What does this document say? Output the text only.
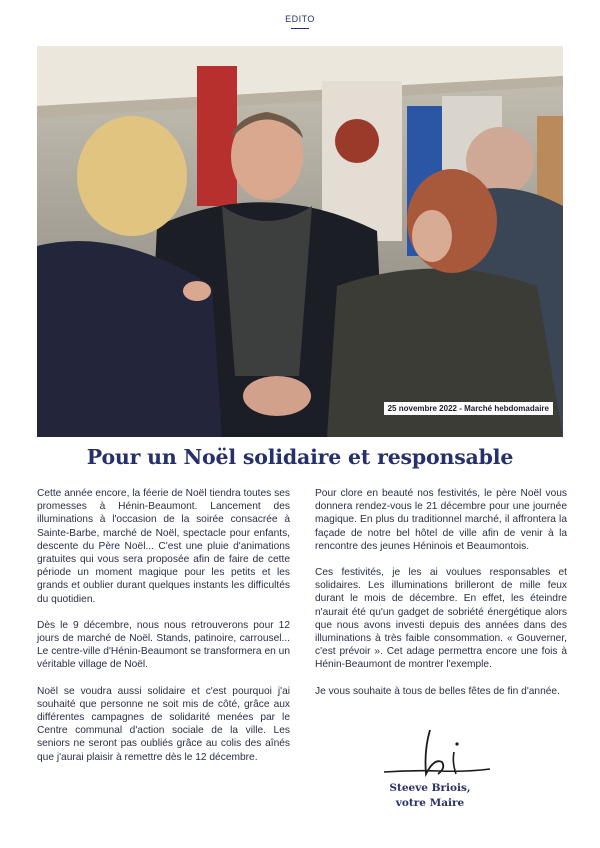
EDITO
25 novembre 2022 - Marché hebdomadaire
Pour un Noël solidaire et responsable

Cette année encore, la féerie de Noël tiendra toutes ses promesses à Hénin-Beaumont. Lancement des illuminations à l'occasion de la soirée consacrée à Sainte-Barbe, marché de Noël, spectacle pour enfants, descente du Père Noël... C'est une pluie d'animations gratuites qui vous sera proposée afin de faire de cette période un moment magique pour les petits et les grands et oublier durant quelques instants les difficultés du quotidien.

Dès le 9 décembre, nous nous retrouverons pour 12 jours de marché de Noël. Stands, patinoire, carrousel... Le centre-ville d'Hénin-Beaumont se transformera en un véritable village de Noël.

Noël se voudra aussi solidaire et c'est pourquoi j'ai souhaité que personne ne soit mis de côté, grâce aux différentes campagnes de solidarité menées par le Centre communal d'action sociale de la ville. Les seniors ne seront pas oubliés grâce au colis des aînés que j'aurai plaisir à remettre dès le 12 décembre.

Pour clore en beauté nos festivités, le père Noël vous donnera rendez-vous le 21 décembre pour une journée magique. En plus du traditionnel marché, il affrontera la façade de notre bel hôtel de ville afin de venir à la rencontre des jeunes Héninois et Beaumontois.

Ces festivités, je les ai voulues responsables et solidaires. Les illuminations brilleront de mille feux durant le mois de décembre. En effet, les éteindre n'aurait été qu'un gadget de sobriété énergétique alors que nous avons investi depuis des années dans des illuminations à très faible consommation. « Gouverner, c'est prévoir ». Cet adage permettra encore une fois à Hénin-Beaumont de montrer l'exemple.

Je vous souhaite à tous de belles fêtes de fin d'année.

Steeve Briois,
votre Maire
